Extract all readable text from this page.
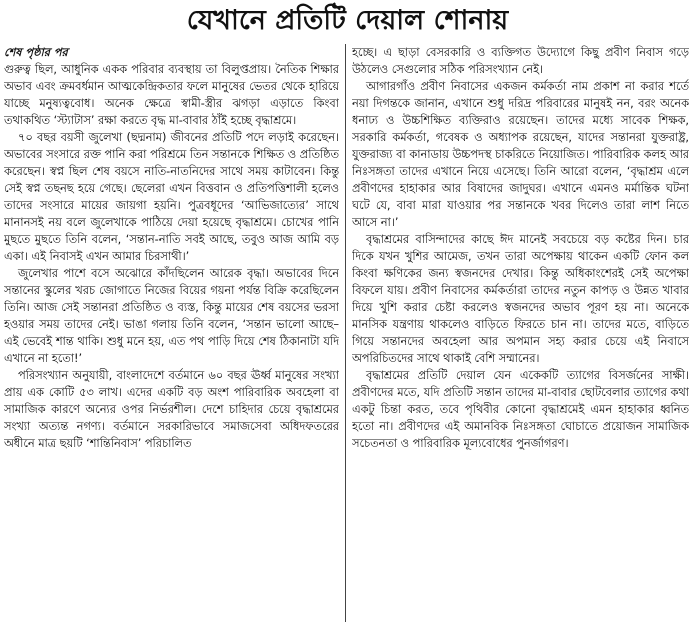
যেখানে প্রতিটি দেয়াল শোনায়

শেষ পৃষ্ঠার পর

গুরুত্ব ছিল, আধুনিক একক পরিবার ব্যবস্থায় তা বিলুপ্তপ্রায়। নৈতিক শিক্ষার অভাব এবং ক্রমবর্ধমান আত্মকেন্দ্রিকতার ফলে মানুষের ভেতর থেকে হারিয়ে যাচ্ছে মনুষ্যত্ববোধ। অনেক ক্ষেত্রে স্বামী-স্ত্রীর ঝগড়া এড়াতে কিংবা তথাকথিত ‘স্ট্যাটাস’ রক্ষা করতে বৃদ্ধ মা-বাবার ঠাঁই হচ্ছে বৃদ্ধাশ্রমে।

৭০ বছর বয়সী জুলেখা (ছদ্মনাম) জীবনের প্রতিটি পদে লড়াই করেছেন। অভাবের সংসারে রক্ত পানি করা পরিশ্রমে তিন সন্তানকে শিক্ষিত ও প্রতিষ্ঠিত করেছেন। স্বপ্ন ছিল শেষ বয়সে নাতি-নাতনিদের সাথে সময় কাটাবেন। কিন্তু সেই স্বপ্ন তছনছ হয়ে গেছে। ছেলেরা এখন বিত্তবান ও প্রতিপত্তিশালী হলেও তাদের সংসারে মায়ের জায়গা হয়নি। পুত্রবধূদের ‘আভিজাত্যের’ সাথে মানানসই নয় বলে জুলেখাকে পাঠিয়ে দেয়া হয়েছে বৃদ্ধাশ্রমে। চোখের পানি মুছতে মুছতে তিনি বলেন, ‘সন্তান-নাতি সবই আছে, তবুও আজ আমি বড় একা। এই নিবাসই এখন আমার চিরসাথী।’

জুলেখার পাশে বসে অঝোরে কাঁদছিলেন আরেক বৃদ্ধা। অভাবের দিনে সন্তানের স্কুলের খরচ জোগাতে নিজের বিয়ের গয়না পর্যন্ত বিক্রি করেছিলেন তিনি। আজ সেই সন্তানরা প্রতিষ্ঠিত ও ব্যস্ত, কিন্তু মায়ের শেষ বয়সের ভরসা হওয়ার সময় তাদের নেই। ভাঙা গলায় তিনি বলেন, ‘সন্তান ভালো আছে– এই ভেবেই শান্ত থাকি। শুধু মনে হয়, এত পথ পাড়ি দিয়ে শেষ ঠিকানাটা যদি এখানে না হতো!’

পরিসংখ্যান অনুযায়ী, বাংলাদেশে বর্তমানে ৬০ বছর ঊর্ধ্ব মানুষের সংখ্যা প্রায় এক কোটি ৫৩ লাখ। এদের একটি বড় অংশ পারিবারিক অবহেলা বা সামাজিক কারণে অন্যের ওপর নির্ভরশীল। দেশে চাহিদার চেয়ে বৃদ্ধাশ্রমের সংখ্যা অত্যন্ত নগণ্য। বর্তমানে সরকারিভাবে সমাজসেবা অধিদফতরের অধীনে মাত্র ছয়টি ‘শান্তিনিবাস’ পরিচালিত

হচ্ছে। এ ছাড়া বেসরকারি ও ব্যক্তিগত উদ্যোগে কিছু প্রবীণ নিবাস গড়ে উঠলেও সেগুলোর সঠিক পরিসংখ্যান নেই।

আগারগাঁও প্রবীণ নিবাসের একজন কর্মকর্তা নাম প্রকাশ না করার শর্তে নয়া দিগন্তকে জানান, এখানে শুধু দরিদ্র পরিবারের মানুষই নন, বরং অনেক ধনাঢ্য ও উচ্চশিক্ষিত ব্যক্তিরাও রয়েছেন। তাদের মধ্যে সাবেক শিক্ষক, সরকারি কর্মকর্তা, গবেষক ও অধ্যাপক রয়েছেন, যাদের সন্তানরা যুক্তরাষ্ট্র, যুক্তরাজ্য বা কানাডায় উচ্চপদস্থ চাকরিতে নিয়োজিত। পারিবারিক কলহ আর নিঃসঙ্গতা তাদের এখানে নিয়ে এসেছে। তিনি আরো বলেন, ‘বৃদ্ধাশ্রম এলে প্রবীণদের হাহাকার আর বিষাদের জাদুঘর। এখানে এমনও মর্মান্তিক ঘটনা ঘটে যে, বাবা মারা যাওয়ার পর সন্তানকে খবর দিলেও তারা লাশ নিতে আসে না।’

বৃদ্ধাশ্রমের বাসিন্দাদের কাছে ঈদ মানেই সবচেয়ে বড় কষ্টের দিন। চার দিকে যখন খুশির আমেজ, তখন তারা অপেক্ষায় থাকেন একটি ফোন কল কিংবা ক্ষণিকের জন্য স্বজনদের দেখার। কিন্তু অধিকাংশেরই সেই অপেক্ষা বিফলে যায়। প্রবীণ নিবাসের কর্মকর্তারা তাদের নতুন কাপড় ও উন্নত খাবার দিয়ে খুশি করার চেষ্টা করলেও স্বজনদের অভাব পূরণ হয় না। অনেকে মানসিক যন্ত্রণায় থাকলেও বাড়িতে ফিরতে চান না। তাদের মতে, বাড়িতে গিয়ে সন্তানদের অবহেলা আর অপমান সহ্য করার চেয়ে এই নিবাসে অপরিচিতদের সাথে থাকাই বেশি সম্মানের।

বৃদ্ধাশ্রমের প্রতিটি দেয়াল যেন একেকটি ত্যাগের বিসর্জনের সাক্ষী। প্রবীণদের মতে, যদি প্রতিটি সন্তান তাদের মা-বাবার ছোটবেলার ত্যাগের কথা একটু চিন্তা করত, তবে পৃথিবীর কোনো বৃদ্ধাশ্রমেই এমন হাহাকার ধ্বনিত হতো না। প্রবীণদের এই অমানবিক নিঃসঙ্গতা ঘোচাতে প্রয়োজন সামাজিক সচেতনতা ও পারিবারিক মূল্যবোধের পুনর্জাগরণ।
